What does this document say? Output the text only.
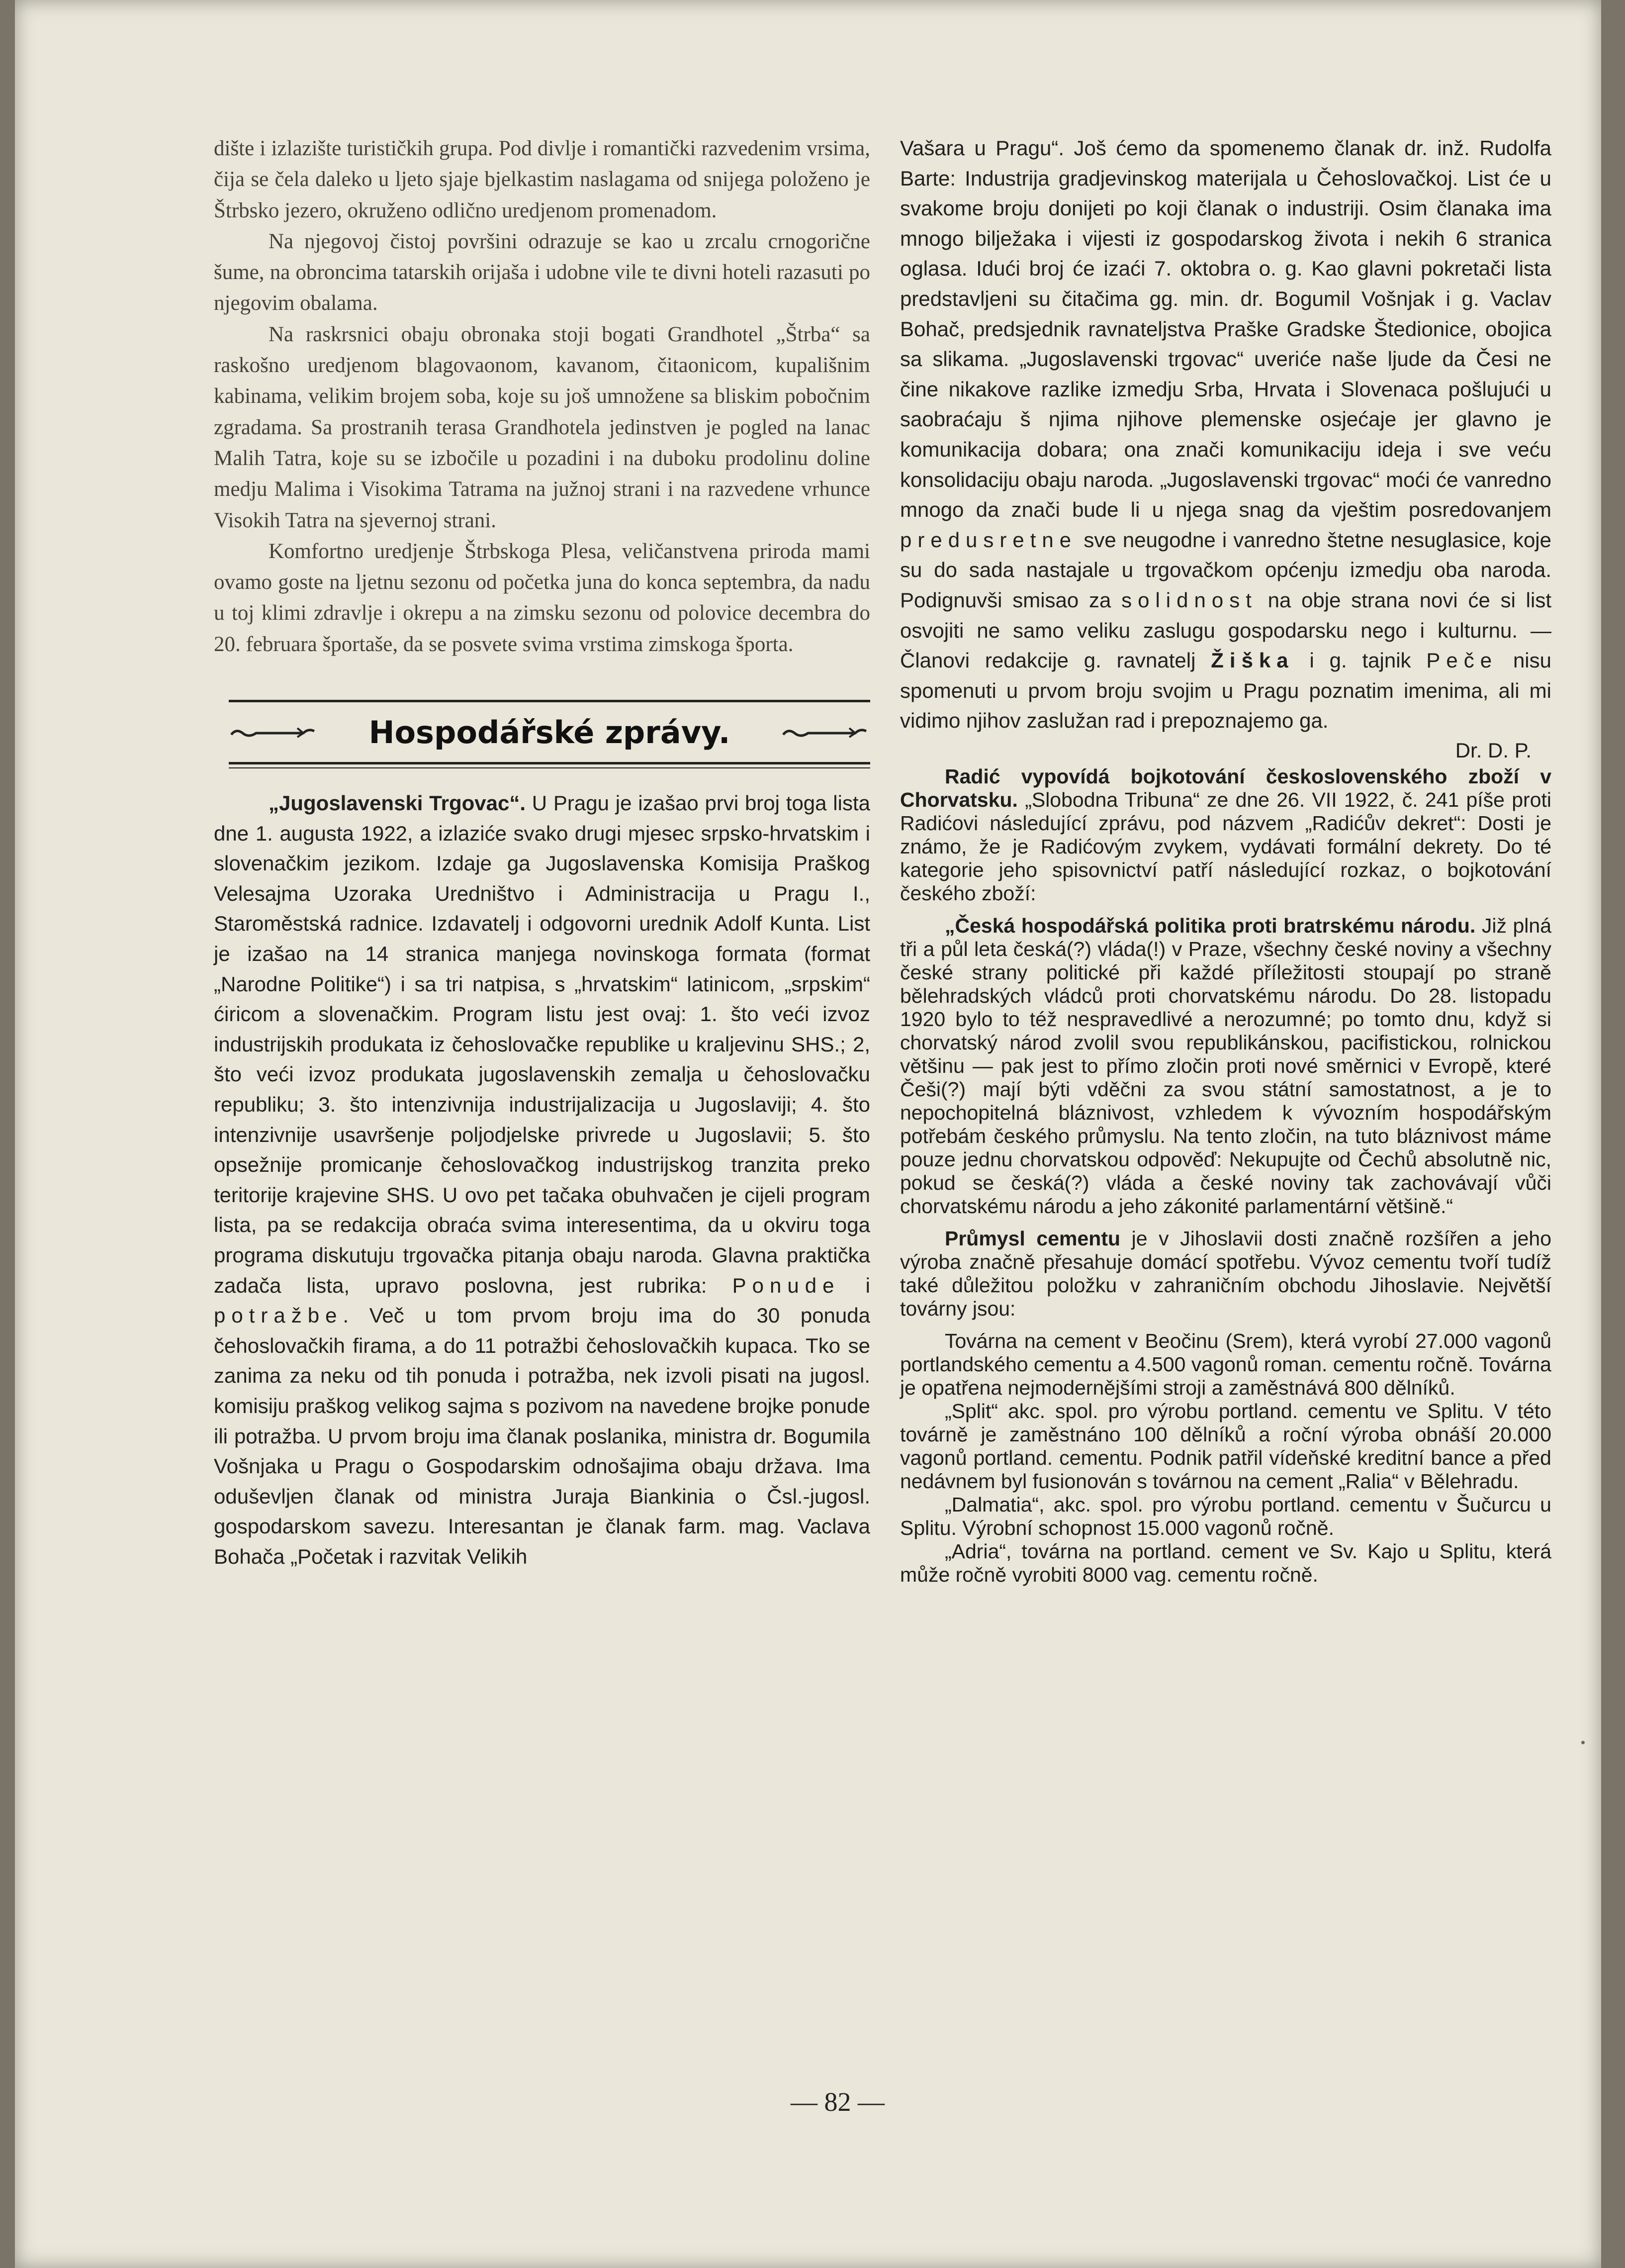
dište i izlazište turističkih grupa. Pod divlje i romantički razvedenim vrsima, čija se čela daleko u ljeto sjaje bjelkastim naslagama od snijega položeno je Štrbsko jezero, okruženo odlično uredjenom promenadom.

Na njegovoj čistoj površini odrazuje se kao u zrcalu crnogorične šume, na obroncima tatarskih orijaša i udobne vile te divni hoteli razasuti po njegovim obalama.

Na raskrsnici obaju obronaka stoji bogati Grandhotel „Štrba“ sa raskošno uredjenom blagovaonom, kavanom, čitaonicom, kupališnim kabinama, velikim brojem soba, koje su još umnožene sa bliskim pobočnim zgradama. Sa prostranih terasa Grandhotela jedinstven je pogled na lanac Malih Tatra, koje su se izbočile u pozadini i na duboku prodolinu doline medju Malima i Visokima Tatrama na južnoj strani i na razvedene vrhunce Visokih Tatra na sjevernoj strani.

Komfortno uredjenje Štrbskoga Plesa, veličanstvena priroda mami ovamo goste na ljetnu sezonu od početka juna do konca septembra, da nadu u toj klimi zdravlje i okrepu a na zimsku sezonu od polovice decembra do 20. februara športaše, da se posvete svima vrstima zimskoga športa.

Hospodářské zprávy.

„Jugoslavenski Trgovac“. U Pragu je izašao prvi broj toga lista dne 1. augusta 1922, a izlaziće svako drugi mjesec srpsko-hrvatskim i slovenačkim jezikom. Izdaje ga Jugoslavenska Komisija Praškog Velesajma Uzoraka Uredništvo i Administracija u Pragu I., Staroměstská radnice. Izdavatelj i odgovorni urednik Adolf Kunta. List je izašao na 14 stranica manjega novinskoga formata (format „Narodne Politike“) i sa tri natpisa, s „hrvatskim“ latinicom, „srpskim“ ćiricom a slovenačkim. Program listu jest ovaj: 1. što veći izvoz industrijskih produkata iz čehoslovačke republike u kraljevinu SHS.; 2, što veći izvoz produkata jugoslavenskih zemalja u čehoslovačku republiku; 3. što intenzivnija industrijalizacija u Jugoslaviji; 4. što intenzivnije usavršenje poljodjelske privrede u Jugoslavii; 5. što opsežnije promicanje čehoslovačkog industrijskog tranzita preko teritorije krajevine SHS. U ovo pet tačaka obuhvačen je cijeli program lista, pa se redakcija obraća svima interesentima, da u okviru toga programa diskutuju trgovačka pitanja obaju naroda. Glavna praktička zadača lista, upravo poslovna, jest rubrika: Ponude i potražbe. Več u tom prvom broju ima do 30 ponuda čehoslovačkih firama, a do 11 potražbi čehoslovačkih kupaca. Tko se zanima za neku od tih ponuda i potražba, nek izvoli pisati na jugosl. komisiju praškog velikog sajma s pozivom na navedene brojke ponude ili potražba. U prvom broju ima članak poslanika, ministra dr. Bogumila Vošnjaka u Pragu o Gospodarskim odnošajima obaju država. Ima oduševljen članak od ministra Juraja Biankinia o Čsl.-jugosl. gospodarskom savezu. Interesantan je članak farm. mag. Vaclava Bohača „Početak i razvitak Velikih

Vašara u Pragu“. Još ćemo da spomenemo članak dr. inž. Rudolfa Barte: Industrija gradjevinskog materijala u Čehoslovačkoj. List će u svakome broju donijeti po koji članak o industriji. Osim članaka ima mnogo bilježaka i vijesti iz gospodarskog života i nekih 6 stranica oglasa. Idući broj će izaći 7. oktobra o. g. Kao glavni pokretači lista predstavljeni su čitačima gg. min. dr. Bogumil Vošnjak i g. Vaclav Bohač, predsjednik ravnateljstva Praške Gradske Štedionice, obojica sa slikama. „Jugoslavenski trgovac“ uveriće naše ljude da Česi ne čine nikakove razlike izmedju Srba, Hrvata i Slovenaca pošlujući u saobraćaju š njima njihove plemenske osjećaje jer glavno je komunikacija dobara; ona znači komunikaciju ideja i sve veću konsolidaciju obaju naroda. „Jugoslavenski trgovac“ moći će vanredno mnogo da znači bude li u njega snag da vještim posredovanjem predusretne sve neugodne i vanredno štetne nesuglasice, koje su do sada nastajale u trgovačkom općenju izmedju oba naroda. Podignuvši smisao za solidnost na obje strana novi će si list osvojiti ne samo veliku zaslugu gospodarsku nego i kulturnu. — Članovi redakcije g. ravnatelj Žiška i g. tajnik Peče nisu spomenuti u prvom broju svojim u Pragu poznatim imenima, ali mi vidimo njihov zaslužan rad i prepoznajemo ga.

Dr. D. P.

Radić vypovídá bojkotování československého zboží v Chorvatsku. „Slobodna Tribuna“ ze dne 26. VII 1922, č. 241 píše proti Radićovi následující zprávu, pod názvem „Radićův dekret“: Dosti je známo, že je Radićovým zvykem, vydávati formální dekrety. Do té kategorie jeho spisovnictví patří následující rozkaz, o bojkotování českého zboží:

„Česká hospodářská politika proti bratrskému národu. Již plná tři a půl leta česká(?) vláda(!) v Praze, všechny české noviny a všechny české strany politické při každé příležitosti stoupají po straně bělehradských vládců proti chorvatskému národu. Do 28. listopadu 1920 bylo to též nespravedlivé a nerozumné; po tomto dnu, když si chorvatský národ zvolil svou republikánskou, pacifistickou, rolnickou většinu — pak jest to přímo zločin proti nové směrnici v Evropě, které Češi(?) mají býti vděčni za svou státní samostatnost, a je to nepochopitelná bláznivost, vzhledem k vývozním hospodářským potřebám českého průmyslu. Na tento zločin, na tuto bláznivost máme pouze jednu chorvatskou odpověď: Nekupujte od Čechů absolutně nic, pokud se česká(?) vláda a české noviny tak zachovávají vůči chorvatskému národu a jeho zákonité parlamentární většině.“

Průmysl cementu je v Jihoslavii dosti značně rozšířen a jeho výroba značně přesahuje domácí spotřebu. Vývoz cementu tvoří tudíž také důležitou položku v zahraničním obchodu Jihoslavie. Největší továrny jsou:

Továrna na cement v Beočinu (Srem), která vyrobí 27.000 vagonů portlandského cementu a 4.500 vagonů roman. cementu ročně. Továrna je opatřena nejmodernějšími stroji a zaměstnává 800 dělníků.

„Split“ akc. spol. pro výrobu portland. cementu ve Splitu. V této továrně je zaměstnáno 100 dělníků a roční výroba obnáší 20.000 vagonů portland. cementu. Podnik patřil vídeňské kreditní bance a před nedávnem byl fusionován s továrnou na cement „Ralia“ v Bělehradu.

„Dalmatia“, akc. spol. pro výrobu portland. cementu v Šučurcu u Splitu. Výrobní schopnost 15.000 vagonů ročně.

„Adria“, továrna na portland. cement ve Sv. Kajo u Splitu, která může ročně vyrobiti 8000 vag. cementu ročně.

— 82 —
